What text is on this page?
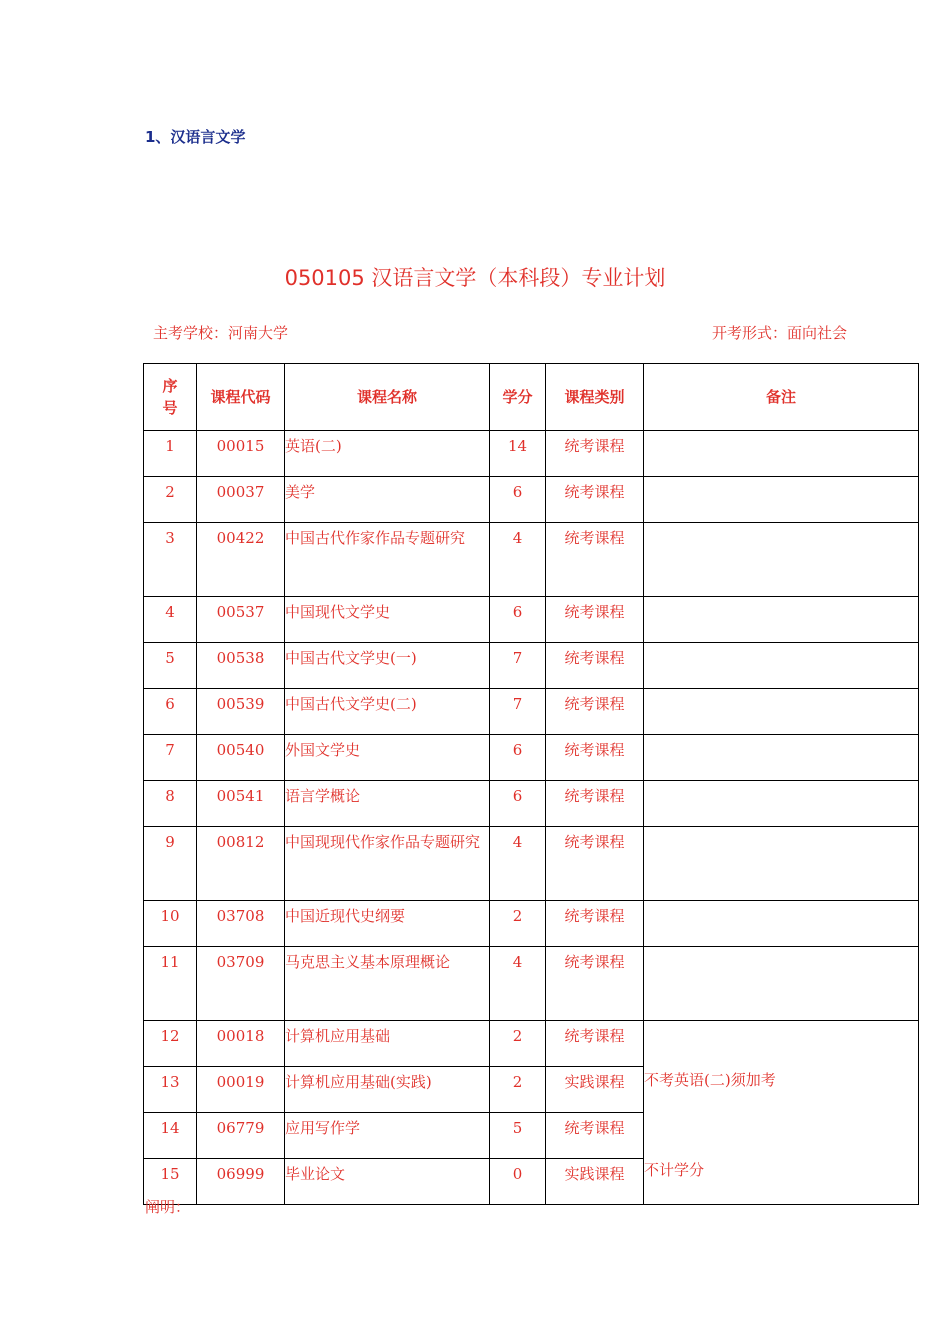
1、汉语言文学
050105 汉语言文学（本科段）专业计划
主考学校：河南大学	开考形式：面向社会
序号	课程代码	课程名称	学分	课程类别	备注
1	00015	英语(二)	14	统考课程	
2	00037	美学	6	统考课程	
3	00422	中国古代作家作品专题研究	4	统考课程	
4	00537	中国现代文学史	6	统考课程	
5	00538	中国古代文学史(一)	7	统考课程	
6	00539	中国古代文学史(二)	7	统考课程	
7	00540	外国文学史	6	统考课程	
8	00541	语言学概论	6	统考课程	
9	00812	中国现现代作家作品专题研究	4	统考课程	
10	03708	中国近现代史纲要	2	统考课程	
11	03709	马克思主义基本原理概论	4	统考课程	
12	00018	计算机应用基础	2	统考课程	不考英语(二)须加考
不计学分

13	00019	计算机应用基础(实践)	2	实践课程	
14	06779	应用写作学	5	统考课程	
15	06999	毕业论文	0	实践课程	
阐明：
